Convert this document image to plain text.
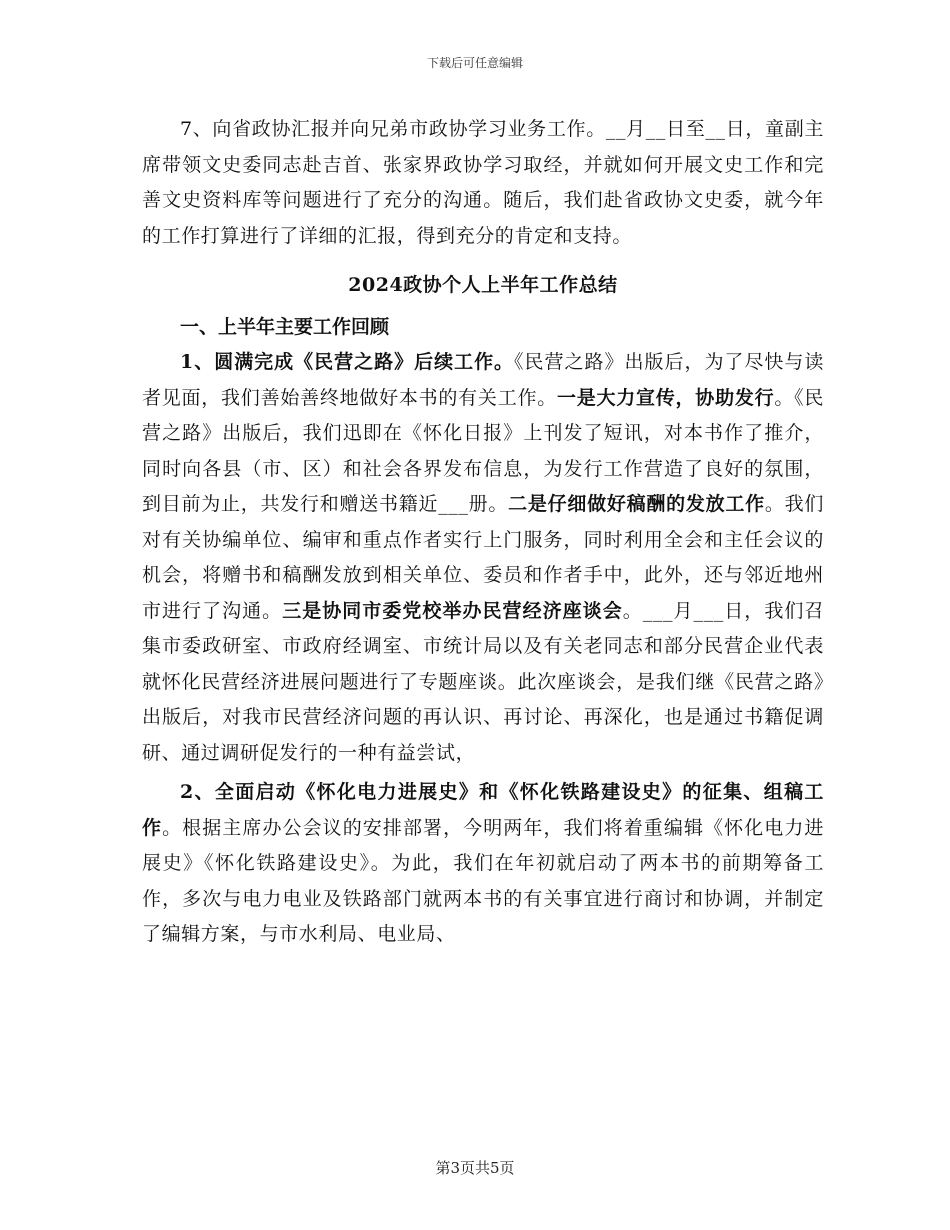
下载后可任意编辑

7、向省政协汇报并向兄弟市政协学习业务工作。__月__日至__日，童副主席带领文史委同志赴吉首、张家界政协学习取经，并就如何开展文史工作和完善文史资料库等问题进行了充分的沟通。随后，我们赴省政协文史委，就今年的工作打算进行了详细的汇报，得到充分的肯定和支持。

2024政协个人上半年工作总结
一、上半年主要工作回顾

1、圆满完成《民营之路》后续工作。《民营之路》出版后，为了尽快与读者见面，我们善始善终地做好本书的有关工作。一是大力宣传，协助发行。《民营之路》出版后，我们迅即在《怀化日报》上刊发了短讯，对本书作了推介，同时向各县（市、区）和社会各界发布信息，为发行工作营造了良好的氛围，到目前为止，共发行和赠送书籍近___册。二是仔细做好稿酬的发放工作。我们对有关协编单位、编审和重点作者实行上门服务，同时利用全会和主任会议的机会，将赠书和稿酬发放到相关单位、委员和作者手中，此外，还与邻近地州市进行了沟通。三是协同市委党校举办民营经济座谈会。___月___日，我们召集市委政研室、市政府经调室、市统计局以及有关老同志和部分民营企业代表就怀化民营经济进展问题进行了专题座谈。此次座谈会，是我们继《民营之路》出版后，对我市民营经济问题的再认识、再讨论、再深化，也是通过书籍促调研、通过调研促发行的一种有益尝试，

2、全面启动《怀化电力进展史》和《怀化铁路建设史》的征集、组稿工作。根据主席办公会议的安排部署，今明两年，我们将着重编辑《怀化电力进展史》《怀化铁路建设史》。为此，我们在年初就启动了两本书的前期筹备工作，多次与电力电业及铁路部门就两本书的有关事宜进行商讨和协调，并制定了编辑方案，与市水利局、电业局、

第3页共5页
